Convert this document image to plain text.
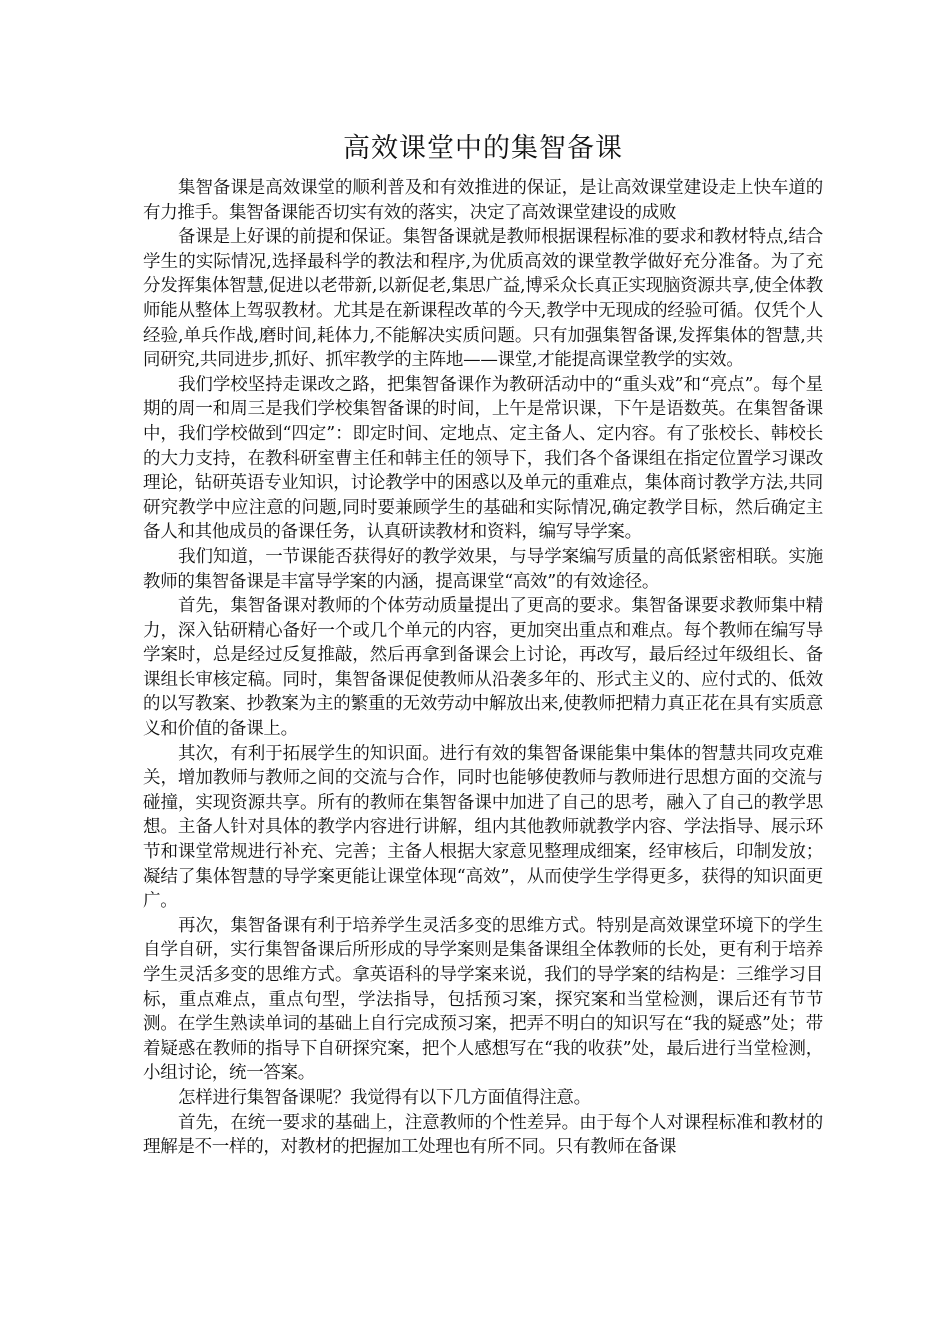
高效课堂中的集智备课

集智备课是高效课堂的顺利普及和有效推进的保证，是让高效课堂建设走上快车道的有力推手。集智备课能否切实有效的落实，决定了高效课堂建设的成败

备课是上好课的前提和保证。集智备课就是教师根据课程标准的要求和教材特点,结合学生的实际情况,选择最科学的教法和程序,为优质高效的课堂教学做好充分准备。为了充分发挥集体智慧,促进以老带新,以新促老,集思广益,博采众长真正实现脑资源共享,使全体教师能从整体上驾驭教材。尤其是在新课程改革的今天,教学中无现成的经验可循。仅凭个人经验,单兵作战,磨时间,耗体力,不能解决实质问题。只有加强集智备课,发挥集体的智慧,共同研究,共同进步,抓好、抓牢教学的主阵地——课堂,才能提高课堂教学的实效。

我们学校坚持走课改之路，把集智备课作为教研活动中的“重头戏”和“亮点”。每个星期的周一和周三是我们学校集智备课的时间，上午是常识课，下午是语数英。在集智备课中，我们学校做到“四定”：即定时间、定地点、定主备人、定内容。有了张校长、韩校长的大力支持，在教科研室曹主任和韩主任的领导下，我们各个备课组在指定位置学习课改理论，钻研英语专业知识，讨论教学中的困惑以及单元的重难点，集体商讨教学方法,共同研究教学中应注意的问题,同时要兼顾学生的基础和实际情况,确定教学目标，然后确定主备人和其他成员的备课任务，认真研读教材和资料，编写导学案。

我们知道，一节课能否获得好的教学效果，与导学案编写质量的高低紧密相联。实施教师的集智备课是丰富导学案的内涵，提高课堂“高效”的有效途径。

首先，集智备课对教师的个体劳动质量提出了更高的要求。集智备课要求教师集中精力，深入钻研精心备好一个或几个单元的内容，更加突出重点和难点。每个教师在编写导学案时，总是经过反复推敲，然后再拿到备课会上讨论，再改写，最后经过年级组长、备课组长审核定稿。同时，集智备课促使教师从沿袭多年的、形式主义的、应付式的、低效的以写教案、抄教案为主的繁重的无效劳动中解放出来,使教师把精力真正花在具有实质意义和价值的备课上。

其次，有利于拓展学生的知识面。进行有效的集智备课能集中集体的智慧共同攻克难关，增加教师与教师之间的交流与合作，同时也能够使教师与教师进行思想方面的交流与碰撞，实现资源共享。所有的教师在集智备课中加进了自己的思考，融入了自己的教学思想。主备人针对具体的教学内容进行讲解，组内其他教师就教学内容、学法指导、展示环节和课堂常规进行补充、完善；主备人根据大家意见整理成细案，经审核后，印制发放；凝结了集体智慧的导学案更能让课堂体现“高效”，从而使学生学得更多，获得的知识面更广。

再次，集智备课有利于培养学生灵活多变的思维方式。特别是高效课堂环境下的学生自学自研，实行集智备课后所形成的导学案则是集备课组全体教师的长处，更有利于培养学生灵活多变的思维方式。拿英语科的导学案来说，我们的导学案的结构是：三维学习目标，重点难点，重点句型，学法指导，包括预习案，探究案和当堂检测，课后还有节节测。在学生熟读单词的基础上自行完成预习案，把弄不明白的知识写在“我的疑惑”处；带着疑惑在教师的指导下自研探究案，把个人感想写在“我的收获”处，最后进行当堂检测，小组讨论，统一答案。

怎样进行集智备课呢？我觉得有以下几方面值得注意。

首先，在统一要求的基础上，注意教师的个性差异。由于每个人对课程标准和教材的理解是不一样的，对教材的把握加工处理也有所不同。只有教师在备课
